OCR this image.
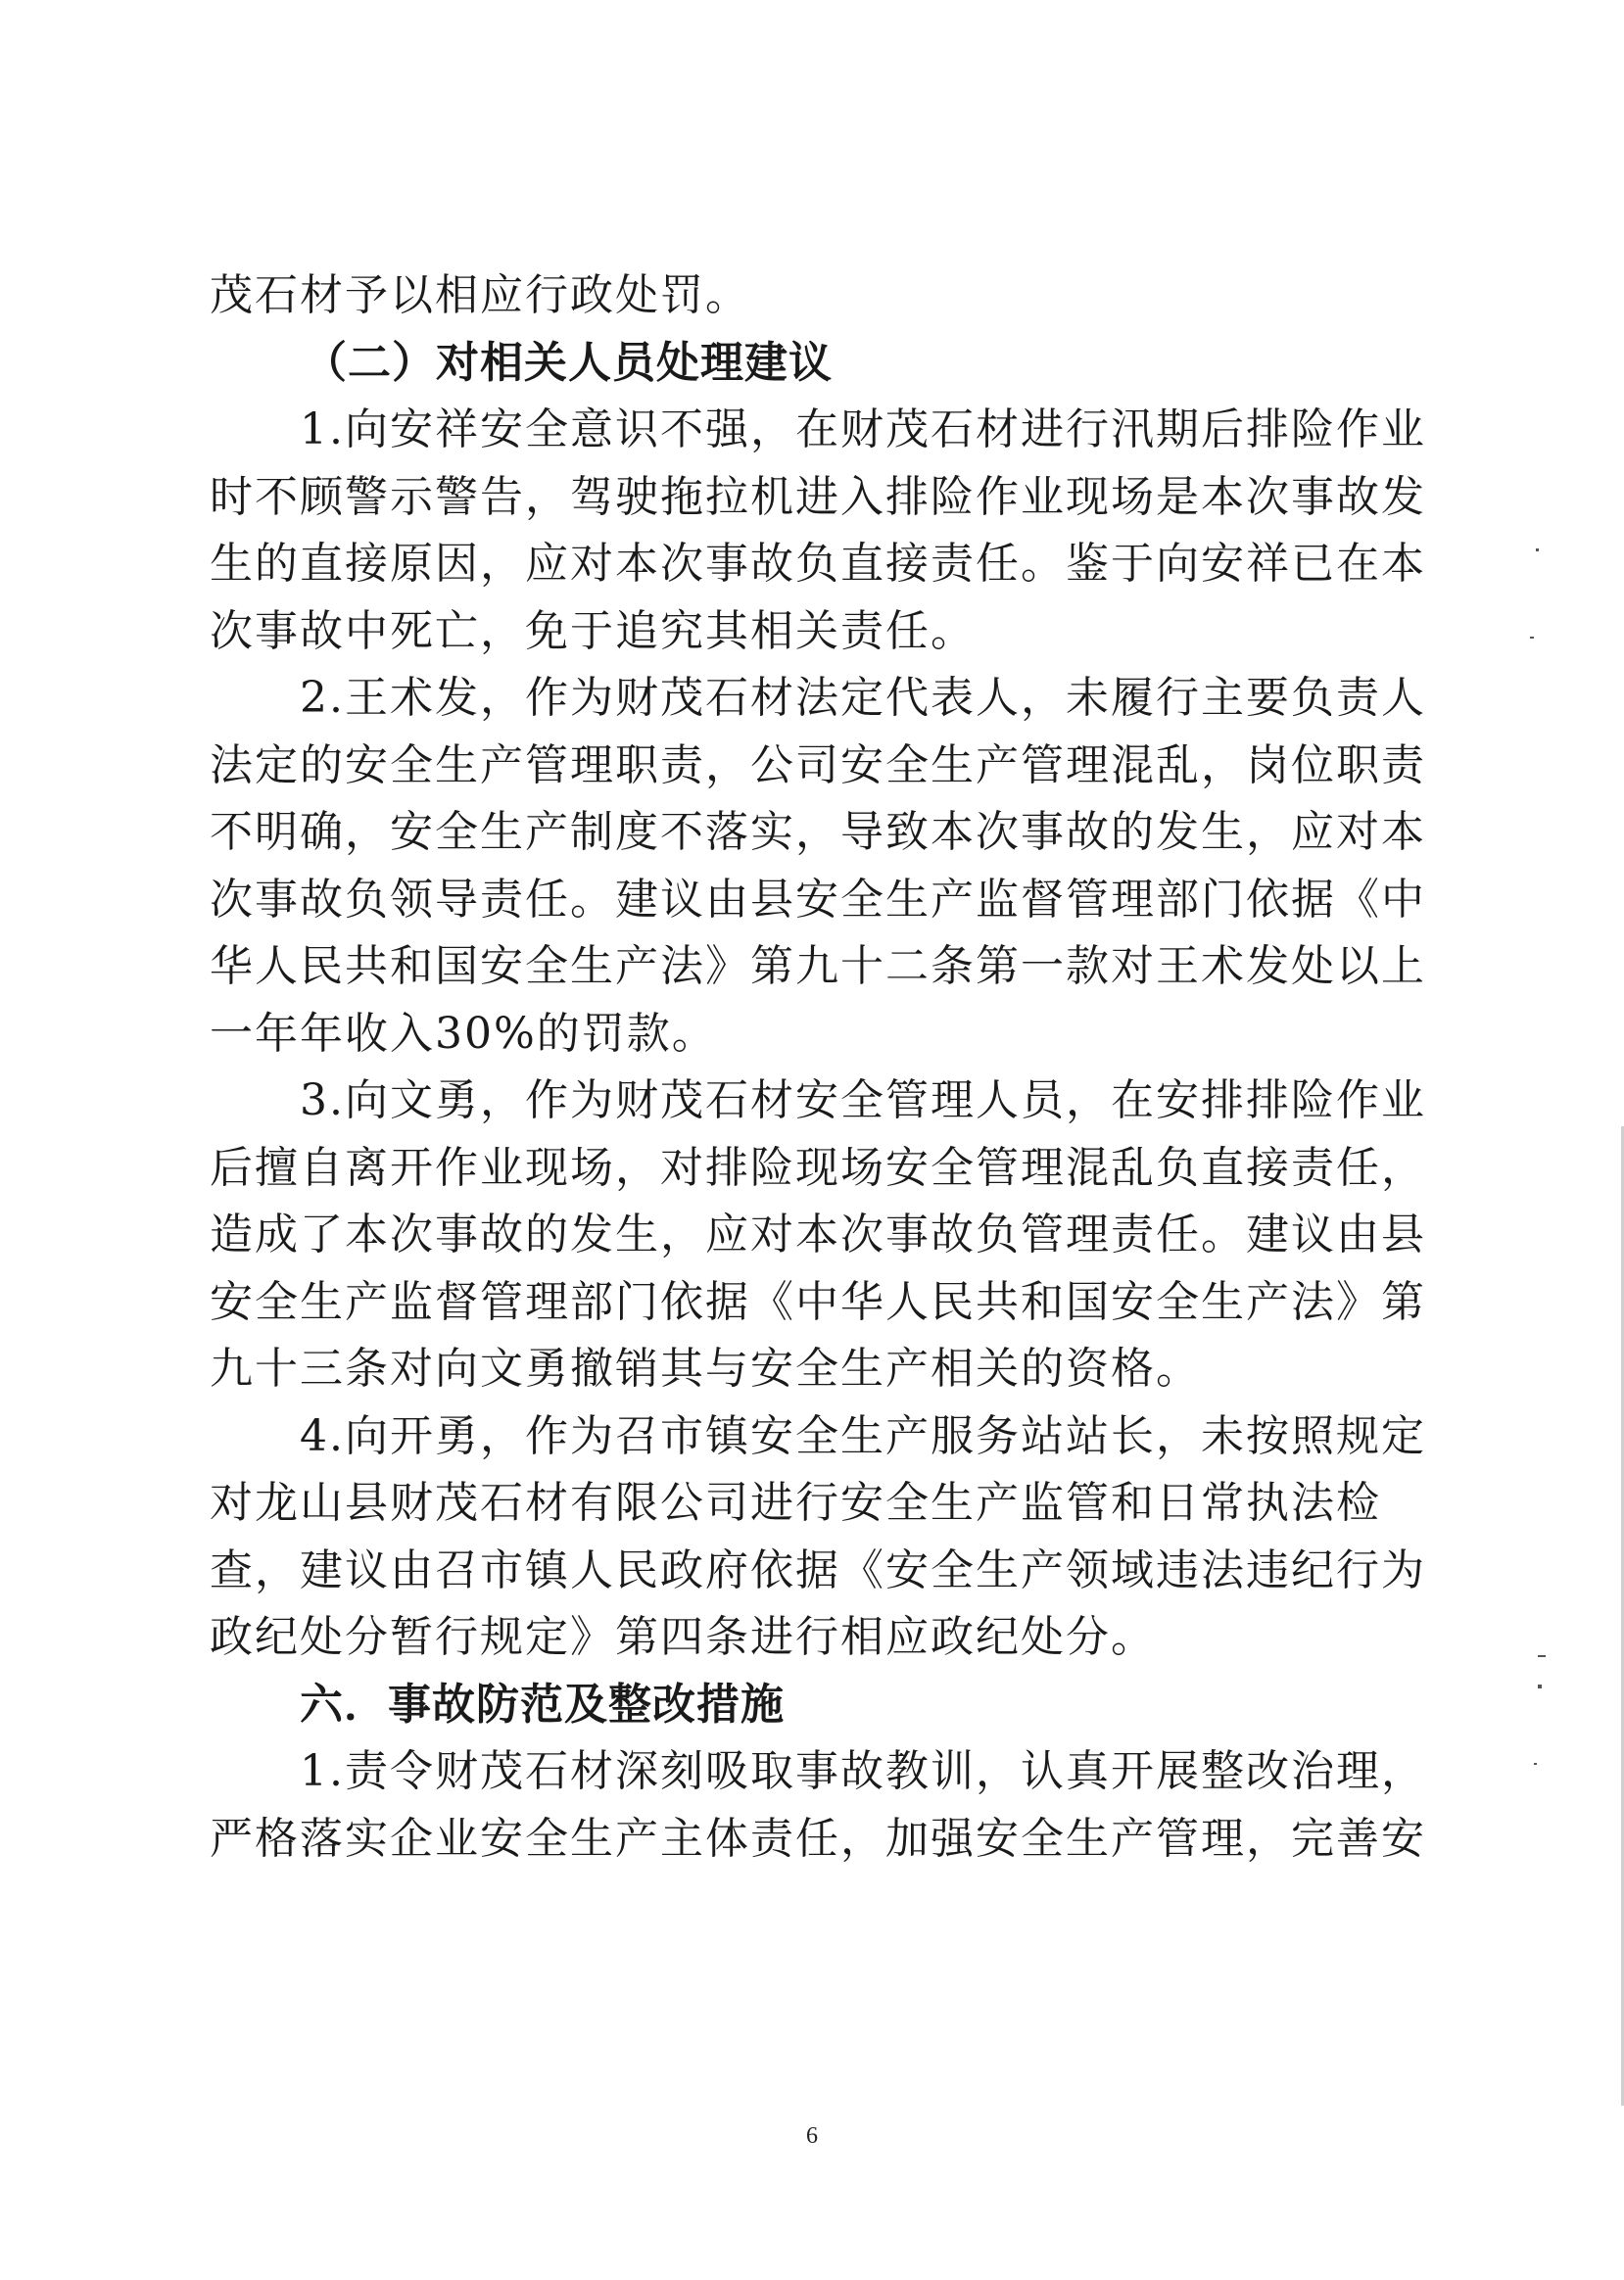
茂石材予以相应行政处罚。
（二）对相关人员处理建议
1.向安祥安全意识不强，在财茂石材进行汛期后排险作业
时不顾警示警告，驾驶拖拉机进入排险作业现场是本次事故发
生的直接原因，应对本次事故负直接责任。鉴于向安祥已在本
次事故中死亡，免于追究其相关责任。
2.王术发，作为财茂石材法定代表人，未履行主要负责人
法定的安全生产管理职责，公司安全生产管理混乱，岗位职责
不明确，安全生产制度不落实，导致本次事故的发生，应对本
次事故负领导责任。建议由县安全生产监督管理部门依据《中
华人民共和国安全生产法》第九十二条第一款对王术发处以上
一年年收入30%的罚款。
3.向文勇，作为财茂石材安全管理人员，在安排排险作业
后擅自离开作业现场，对排险现场安全管理混乱负直接责任，
造成了本次事故的发生，应对本次事故负管理责任。建议由县
安全生产监督管理部门依据《中华人民共和国安全生产法》第
九十三条对向文勇撤销其与安全生产相关的资格。
4.向开勇，作为召市镇安全生产服务站站长，未按照规定
对龙山县财茂石材有限公司进行安全生产监管和日常执法检
查，建议由召市镇人民政府依据《安全生产领域违法违纪行为
政纪处分暂行规定》第四条进行相应政纪处分。
六．事故防范及整改措施
1.责令财茂石材深刻吸取事故教训，认真开展整改治理，
严格落实企业安全生产主体责任，加强安全生产管理，完善安
6
